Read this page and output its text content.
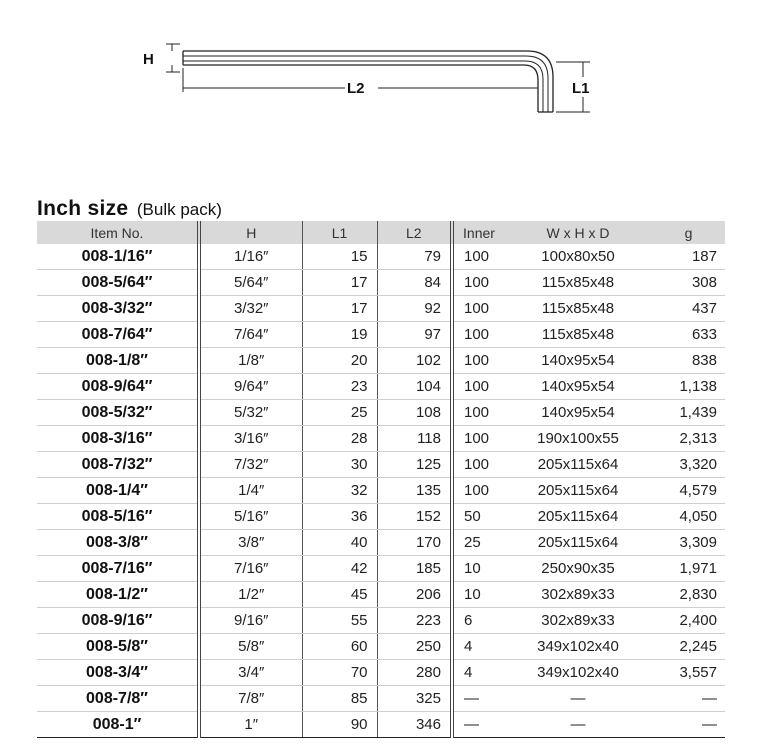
H
L2	L1
Inch size (Bulk pack)
Item No.	H	L1	L2	Inner	W x H x D	g
008-1/16″	1/16″	15	79	100	100x80x50	187
008-5/64″	5/64″	17	84	100	115x85x48	308
008-3/32″	3/32″	17	92	100	115x85x48	437
008-7/64″	7/64″	19	97	100	115x85x48	633
008-1/8″	1/8″	20	102	100	140x95x54	838
008-9/64″	9/64″	23	104	100	140x95x54	1,138
008-5/32″	5/32″	25	108	100	140x95x54	1,439
008-3/16″	3/16″	28	118	100	190x100x55	2,313
008-7/32″	7/32″	30	125	100	205x115x64	3,320
008-1/4″	1/4″	32	135	100	205x115x64	4,579
008-5/16″	5/16″	36	152	50	205x115x64	4,050
008-3/8″	3/8″	40	170	25	205x115x64	3,309
008-7/16″	7/16″	42	185	10	250x90x35	1,971
008-1/2″	1/2″	45	206	10	302x89x33	2,830
008-9/16″	9/16″	55	223	6	302x89x33	2,400
008-5/8″	5/8″	60	250	4	349x102x40	2,245
008-3/4″	3/4″	70	280	4	349x102x40	3,557
008-7/8″	7/8″	85	325	—	—	—
008-1″	1″	90	346	—	—	—
